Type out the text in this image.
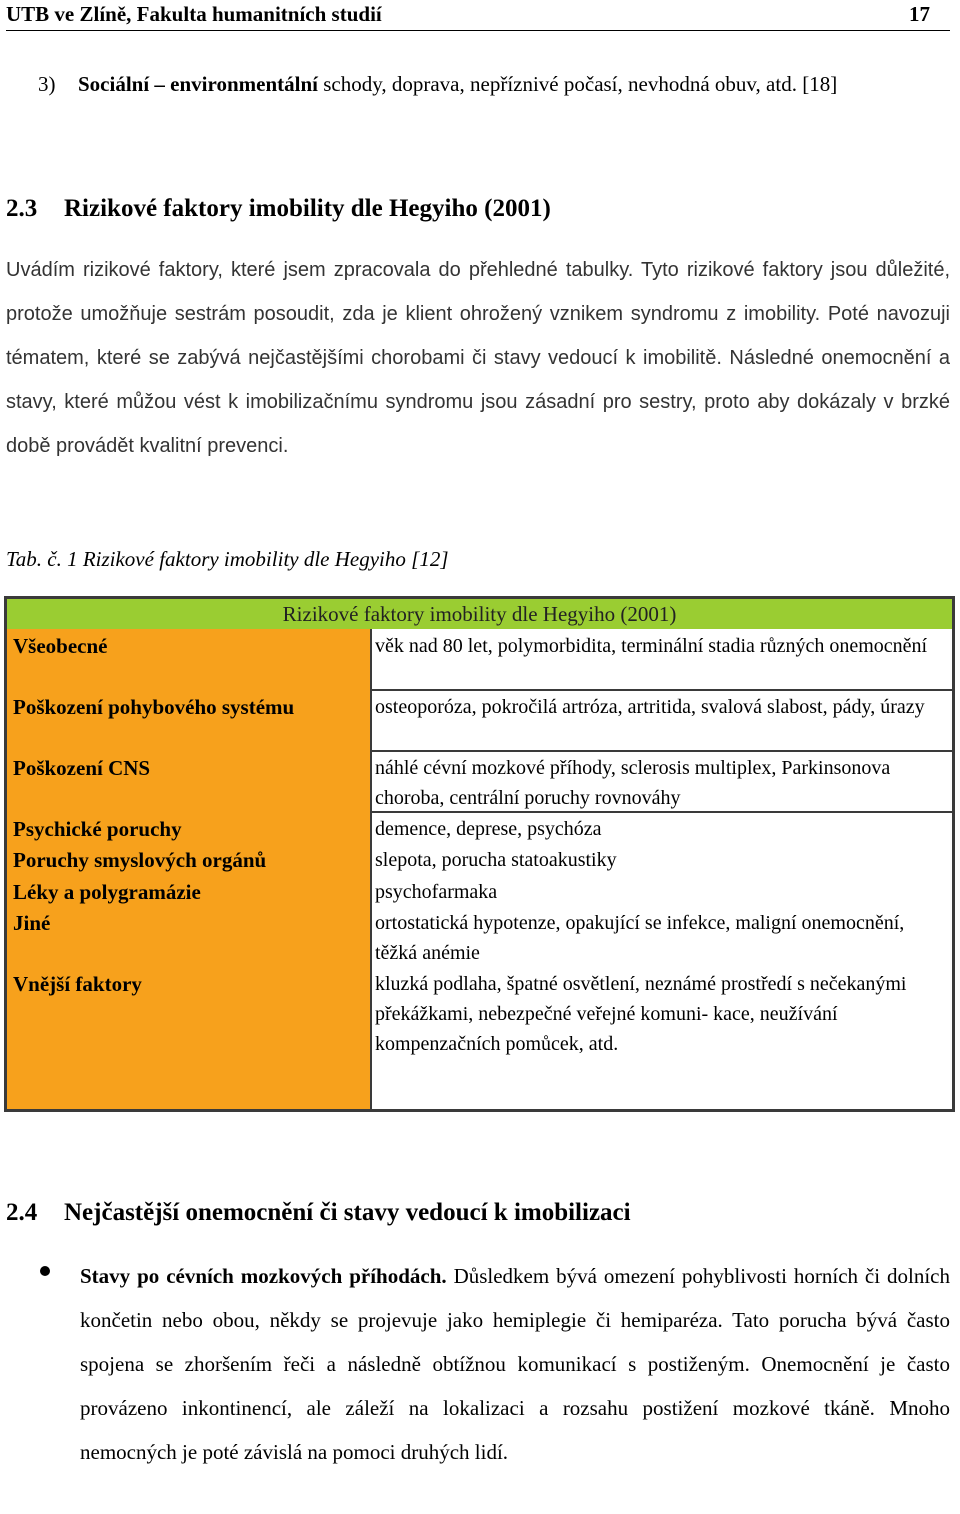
UTB ve Zlíně, Fakulta humanitních studií	17
3) Sociální – environmentální schody, doprava, nepříznivé počasí, nevhodná obuv, atd. [18]
2.3 Rizikové faktory imobility dle Hegyiho (2001)
Uvádím rizikové faktory, které jsem zpracovala do přehledné tabulky. Tyto rizikové faktory jsou důležité, protože umožňuje sestrám posoudit, zda je klient ohrožený vznikem syndromu z imobility. Poté navozuji tématem, které se zabývá nejčastějšími chorobami či stavy vedoucí k imobilitě. Následné onemocnění a stavy, které můžou vést k imobilizačnímu syndromu jsou zásadní pro sestry, proto aby dokázaly v brzké době provádět kvalitní prevenci.
Tab. č. 1 Rizikové faktory imobility dle Hegyiho [12]
Rizikové faktory imobility dle Hegyiho (2001)
Všeobecné	věk nad 80 let, polymorbidita, terminální stadia různých onemocnění
Poškození pohybového systému	osteoporóza, pokročilá artróza, artritida, svalová slabost, pády, úrazy
Poškození CNS	náhlé cévní mozkové příhody, sclerosis multiplex, Parkinsonova choroba, centrální poruchy rovnováhy
Psychické poruchy	demence, deprese, psychóza
Poruchy smyslových orgánů	slepota, porucha statoakustiky
Léky a polygramázie	psychofarmaka
Jiné	ortostatická hypotenze, opakující se infekce, maligní onemocnění, těžká anémie
Vnější faktory	kluzká podlaha, špatné osvětlení, neznámé prostředí s nečekanými překážkami, nebezpečné veřejné komuni- kace, neužívání kompenzačních pomůcek, atd.
2.4 Nejčastější onemocnění či stavy vedoucí k imobilizaci
Stavy po cévních mozkových příhodách. Důsledkem bývá omezení pohyblivosti horních či dolních končetin nebo obou, někdy se projevuje jako hemiplegie či hemiparéza. Tato porucha bývá často spojena se zhoršením řeči a následně obtížnou komunikací s postiženým. Onemocnění je často provázeno inkontinencí, ale záleží na lokalizaci a rozsahu postižení mozkové tkáně. Mnoho nemocných je poté závislá na pomoci druhých lidí.
